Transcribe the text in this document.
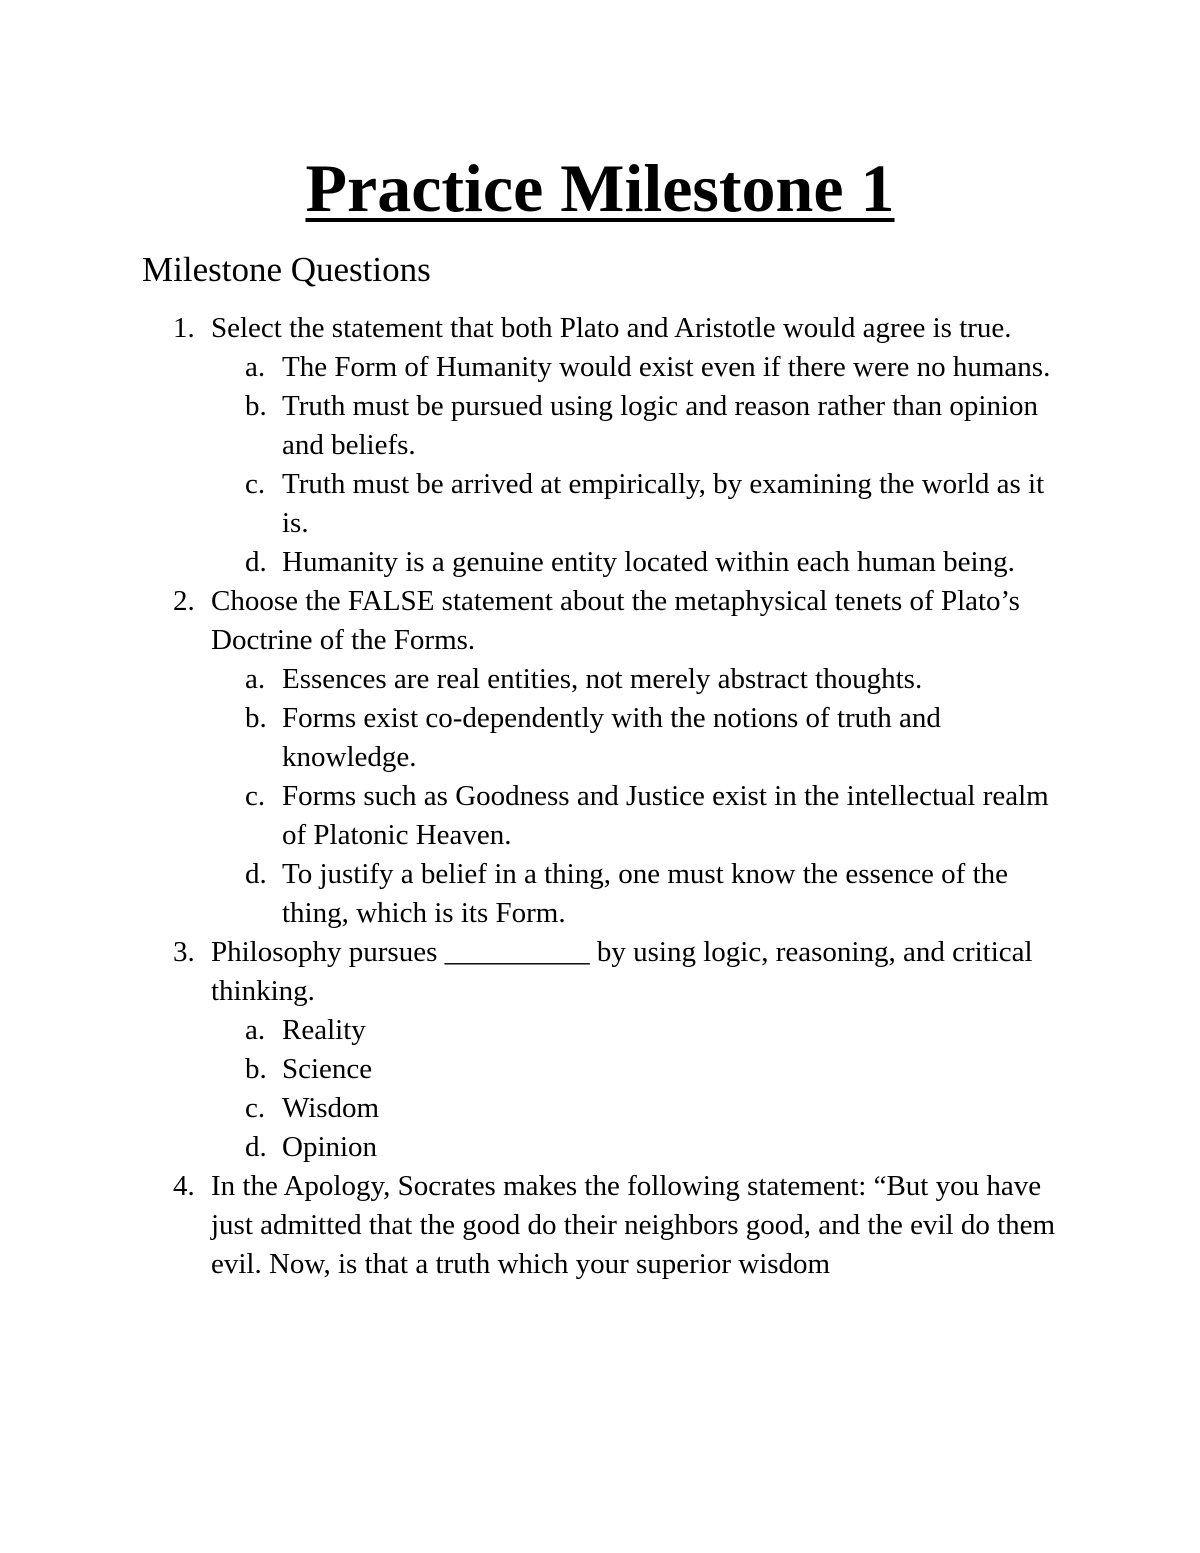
Practice Milestone 1
Milestone Questions
1. Select the statement that both Plato and Aristotle would agree is true.
a. The Form of Humanity would exist even if there were no humans.
b. Truth must be pursued using logic and reason rather than opinion and beliefs.
c. Truth must be arrived at empirically, by examining the world as it is.
d. Humanity is a genuine entity located within each human being.
2. Choose the FALSE statement about the metaphysical tenets of Plato’s Doctrine of the Forms.
a. Essences are real entities, not merely abstract thoughts.
b. Forms exist co-dependently with the notions of truth and knowledge.
c. Forms such as Goodness and Justice exist in the intellectual realm of Platonic Heaven.
d. To justify a belief in a thing, one must know the essence of the thing, which is its Form.
3. Philosophy pursues __________ by using logic, reasoning, and critical thinking.
a. Reality
b. Science
c. Wisdom
d. Opinion
4. In the Apology, Socrates makes the following statement: “But you have just admitted that the good do their neighbors good, and the evil do them evil. Now, is that a truth which your superior wisdom
